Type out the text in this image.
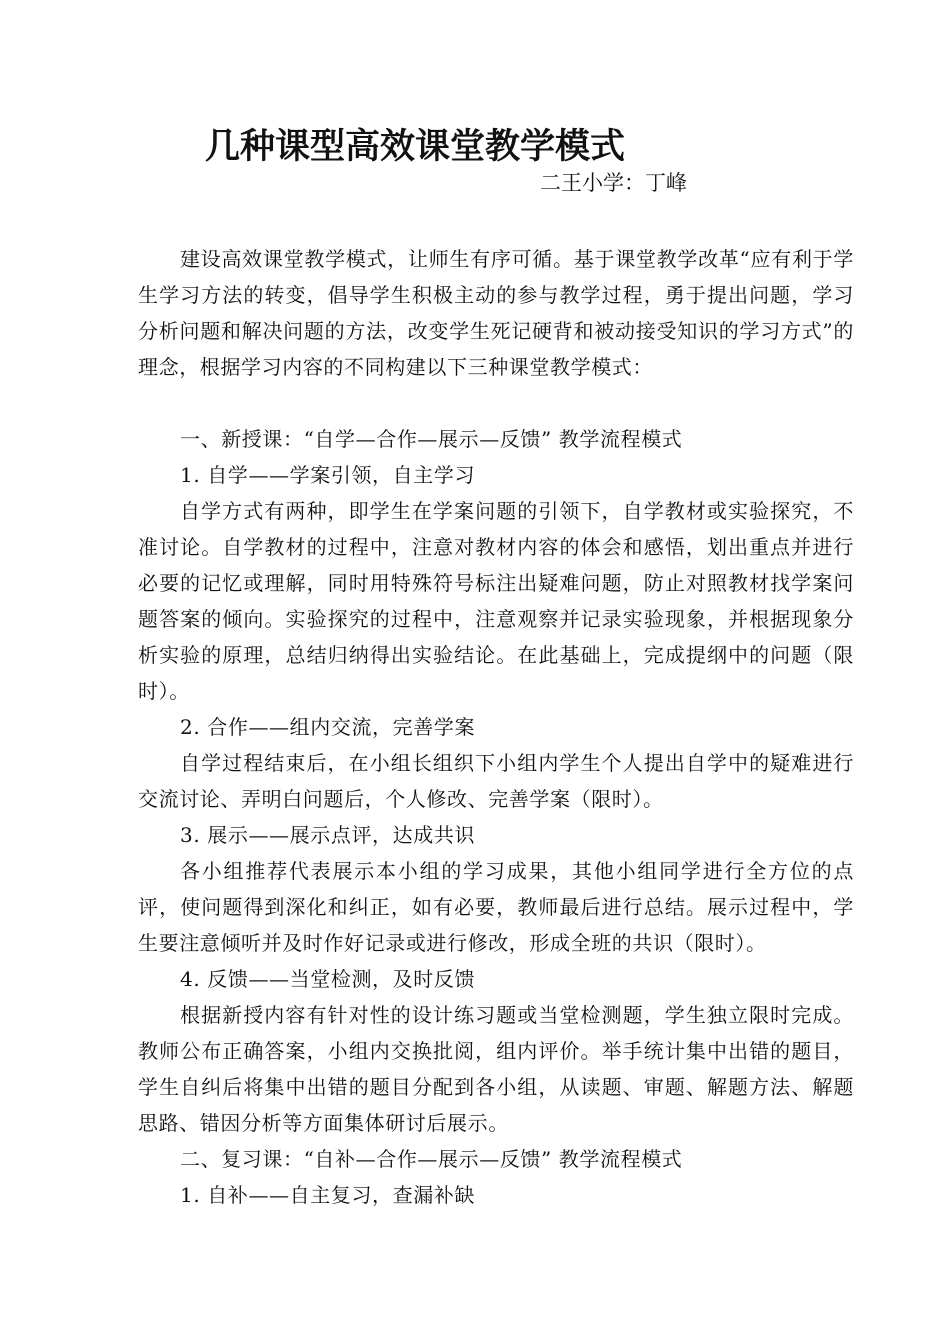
几种课型高效课堂教学模式

二王小学：丁峰

建设高效课堂教学模式，让师生有序可循。基于课堂教学改革“应有利于学生学习方法的转变，倡导学生积极主动的参与教学过程，勇于提出问题，学习分析问题和解决问题的方法，改变学生死记硬背和被动接受知识的学习方式”的理念，根据学习内容的不同构建以下三种课堂教学模式：

一、新授课：“自学—合作—展示—反馈” 教学流程模式

1. 自学——学案引领，自主学习

自学方式有两种，即学生在学案问题的引领下，自学教材或实验探究，不准讨论。自学教材的过程中，注意对教材内容的体会和感悟，划出重点并进行必要的记忆或理解，同时用特殊符号标注出疑难问题，防止对照教材找学案问题答案的倾向。实验探究的过程中，注意观察并记录实验现象，并根据现象分析实验的原理，总结归纳得出实验结论。在此基础上，完成提纲中的问题（限时）。

2. 合作——组内交流，完善学案

自学过程结束后，在小组长组织下小组内学生个人提出自学中的疑难进行交流讨论、弄明白问题后，个人修改、完善学案（限时）。

3. 展示——展示点评，达成共识

各小组推荐代表展示本小组的学习成果，其他小组同学进行全方位的点评，使问题得到深化和纠正，如有必要，教师最后进行总结。展示过程中，学生要注意倾听并及时作好记录或进行修改，形成全班的共识（限时）。

4. 反馈——当堂检测，及时反馈

根据新授内容有针对性的设计练习题或当堂检测题，学生独立限时完成。教师公布正确答案，小组内交换批阅，组内评价。举手统计集中出错的题目，学生自纠后将集中出错的题目分配到各小组，从读题、审题、解题方法、解题思路、错因分析等方面集体研讨后展示。

二、复习课：“自补—合作—展示—反馈” 教学流程模式

1. 自补——自主复习，查漏补缺
